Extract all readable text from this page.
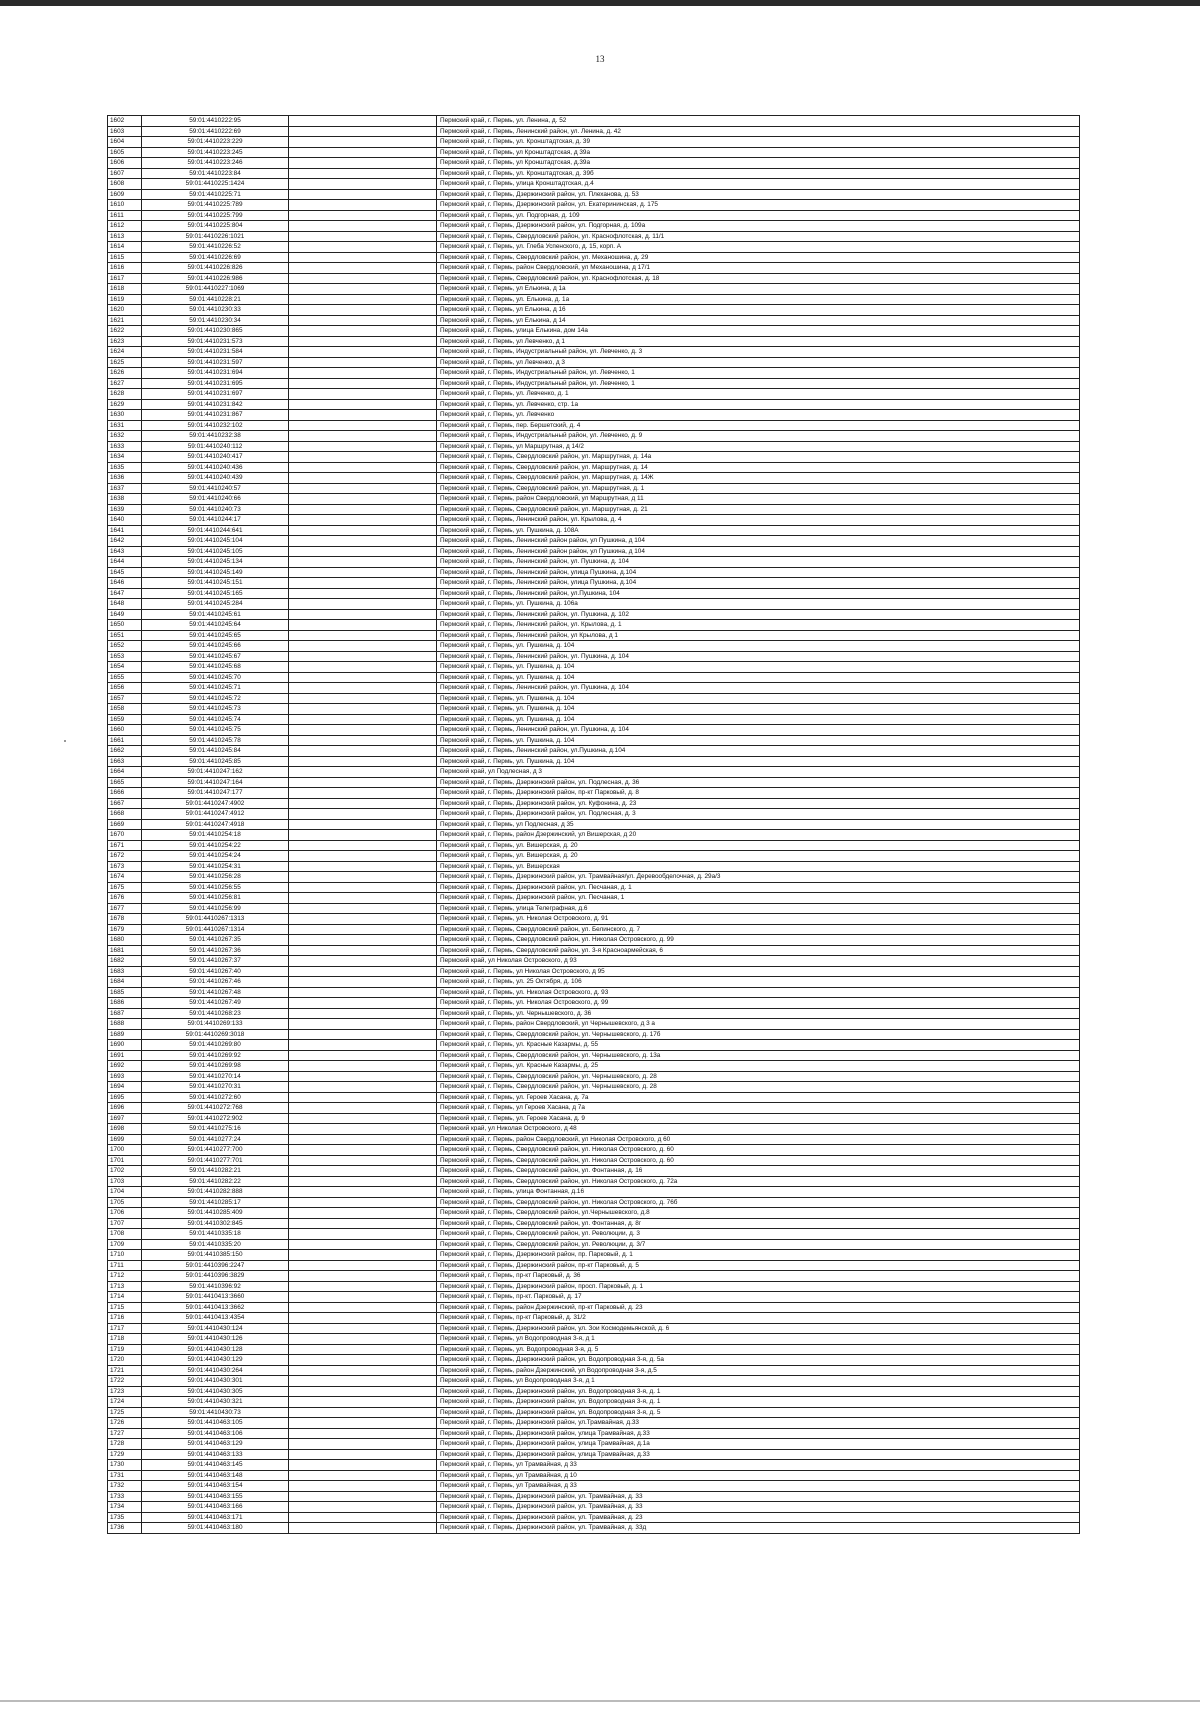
13
1602	59:01:4410222:95		Пермский край, г. Пермь, ул. Ленина, д. 52
1603	59:01:4410222:69		Пермский край, г. Пермь, Ленинский район, ул. Ленина, д. 42
1604	59:01:4410223:229		Пермский край, г. Пермь, ул. Кронштадтская, д. 39
1605	59:01:4410223:245		Пермский край, г. Пермь, ул Кронштадтская, д 39а
1606	59:01:4410223:246		Пермский край, г. Пермь, ул Кронштадтская, д.39а
1607	59:01:4410223:84		Пермский край, г. Пермь, ул. Кронштадтская, д. 39б
1608	59:01:4410225:1424		Пермский край, г. Пермь, улица Кронштадтская, д.4
1609	59:01:4410225:71		Пермский край, г. Пермь, Дзержинский район, ул. Плеханова, д. 53
1610	59:01:4410225:789		Пермский край, г. Пермь, Дзержинский район, ул. Екатерининская, д. 175
1611	59:01:4410225:799		Пермский край, г. Пермь, ул. Подгорная, д. 109
1612	59:01:4410225:804		Пермский край, г. Пермь, Дзержинский район, ул. Подгорная, д. 109а
1613	59:01:4410226:1021		Пермский край, г. Пермь, Свердловский район, ул. Краснофлотская, д. 11/1
1614	59:01:4410226:52		Пермский край, г. Пермь, ул. Глеба Успенского, д. 15, корп. А
1615	59:01:4410226:69		Пермский край, г. Пермь, Свердловский район, ул. Механошина, д. 29
1616	59:01:4410226:826		Пермский край, г. Пермь, район Свердловский, ул Механошина, д 17/1
1617	59:01:4410226:986		Пермский край, г. Пермь, Свердловский район, ул. Краснофлотская, д. 18
1618	59:01:4410227:1069		Пермский край, г. Пермь, ул Елькина, д 1а
1619	59:01:4410228:21		Пермский край, г. Пермь, ул. Елькина, д. 1а
1620	59:01:4410230:33		Пермский край, г. Пермь, ул Елькина, д 16
1621	59:01:4410230:34		Пермский край, г. Пермь, ул Елькина, д 14
1622	59:01:4410230:865		Пермский край, г. Пермь, улица Елькина, дом 14а
1623	59:01:4410231:573		Пермский край, г. Пермь, ул Левченко, д 1
1624	59:01:4410231:584		Пермский край, г. Пермь, Индустриальный район, ул. Левченко, д. 3
1625	59:01:4410231:597		Пермский край, г. Пермь, ул Левченко, д 3
1626	59:01:4410231:694		Пермский край, г. Пермь, Индустриальный район, ул. Левченко, 1
1627	59:01:4410231:695		Пермский край, г. Пермь, Индустриальный район, ул. Левченко, 1
1628	59:01:4410231:697		Пермский край, г. Пермь, ул. Левченко, д. 1
1629	59:01:4410231:842		Пермский край, г. Пермь, ул. Левченко, стр. 1а
1630	59:01:4410231:867		Пермский край, г. Пермь, ул. Левченко
1631	59:01:4410232:102		Пермский край, г. Пермь, пер. Бершетский, д. 4
1632	59:01:4410232:38		Пермский край, г. Пермь, Индустриальный район, ул. Левченко, д. 9
1633	59:01:4410240:112		Пермский край, г. Пермь, ул Маршрутная, д 14/2
1634	59:01:4410240:417		Пермский край, г. Пермь, Свердловский район, ул. Маршрутная, д. 14а
1635	59:01:4410240:436		Пермский край, г. Пермь, Свердловский район, ул. Маршрутная, д. 14
1636	59:01:4410240:439		Пермский край, г. Пермь, Свердловский район, ул. Маршрутная, д. 14Ж
1637	59:01:4410240:57		Пермский край, г. Пермь, Свердловский район, ул. Маршрутная, д. 1
1638	59:01:4410240:66		Пермский край, г. Пермь, район Свердловский, ул Маршрутная, д 11
1639	59:01:4410240:73		Пермский край, г. Пермь, Свердловский район, ул. Маршрутная, д. 21
1640	59:01:4410244:17		Пермский край, г. Пермь, Ленинский район, ул. Крылова, д. 4
1641	59:01:4410244:641		Пермский край, г. Пермь, ул. Пушкина, д. 108А
1642	59:01:4410245:104		Пермский край, г. Пермь, Ленинский район район, ул Пушкина, д 104
1643	59:01:4410245:105		Пермский край, г. Пермь, Ленинский район район, ул Пушкина, д 104
1644	59:01:4410245:134		Пермский край, г. Пермь, Ленинский район, ул. Пушкина, д. 104
1645	59:01:4410245:149		Пермский край, г. Пермь, Ленинский район, улица Пушкина, д.104
1646	59:01:4410245:151		Пермский край, г. Пермь, Ленинский район, улица Пушкина, д.104
1647	59:01:4410245:165		Пермский край, г. Пермь, Ленинский район, ул.Пушкина, 104
1648	59:01:4410245:284		Пермский край, г. Пермь, ул. Пушкина, д. 106а
1649	59:01:4410245:61		Пермский край, г. Пермь, Ленинский район, ул. Пушкина, д. 102
1650	59:01:4410245:64		Пермский край, г. Пермь, Ленинский район, ул. Крылова, д. 1
1651	59:01:4410245:65		Пермский край, г. Пермь, Ленинский район, ул Крылова, д 1
1652	59:01:4410245:66		Пермский край, г. Пермь, ул. Пушкина, д. 104
1653	59:01:4410245:67		Пермский край, г. Пермь, Ленинский район, ул. Пушкина, д. 104
1654	59:01:4410245:68		Пермский край, г. Пермь, ул. Пушкина, д. 104
1655	59:01:4410245:70		Пермский край, г. Пермь, ул. Пушкина, д. 104
1656	59:01:4410245:71		Пермский край, г. Пермь, Ленинский район, ул. Пушкина, д. 104
1657	59:01:4410245:72		Пермский край, г. Пермь, ул. Пушкина, д. 104
1658	59:01:4410245:73		Пермский край, г. Пермь, ул. Пушкина, д. 104
1659	59:01:4410245:74		Пермский край, г. Пермь, ул. Пушкина, д. 104
1660	59:01:4410245:75		Пермский край, г. Пермь, Ленинский район, ул. Пушкина, д. 104
1661	59:01:4410245:78		Пермский край, г. Пермь, ул. Пушкина, д. 104
1662	59:01:4410245:84		Пермский край, г. Пермь, Ленинский район, ул.Пушкина, д.104
1663	59:01:4410245:85		Пермский край, г. Пермь, ул. Пушкина, д. 104
1664	59:01:4410247:162		Пермский край, ул Подлесная, д 3
1665	59:01:4410247:164		Пермский край, г. Пермь, Дзержинский район, ул. Подлесная, д. 36
1666	59:01:4410247:177		Пермский край, г. Пермь, Дзержинский район, пр-кт Парковый, д. 8
1667	59:01:4410247:4902		Пермский край, г. Пермь, Дзержинский район, ул. Куфонина, д. 23
1668	59:01:4410247:4912		Пермский край, г. Пермь, Дзержинский район, ул. Подлесная, д. 3
1669	59:01:4410247:4918		Пермский край, г. Пермь, ул Подлесная, д 35
1670	59:01:4410254:18		Пермский край, г. Пермь, район Дзержинский, ул Вишерская, д 20
1671	59:01:4410254:22		Пермский край, г. Пермь, ул. Вишерская, д. 20
1672	59:01:4410254:24		Пермский край, г. Пермь, ул. Вишерская, д. 20
1673	59:01:4410254:31		Пермский край, г. Пермь, ул. Вишерская
1674	59:01:4410256:28		Пермский край, г. Пермь, Дзержинский район, ул. Трамвайная/ул. Деревообделочная, д. 29а/3
1675	59:01:4410256:55		Пермский край, г. Пермь, Дзержинский район, ул. Песчаная, д. 1
1676	59:01:4410256:81		Пермский край, г. Пермь, Дзержинский район, ул. Песчаная, 1
1677	59:01:4410256:99		Пермский край, г. Пермь, улица Телеграфная, д.6
1678	59:01:4410267:1313		Пермский край, г. Пермь, ул. Николая Островского, д. 91
1679	59:01:4410267:1314		Пермский край, г. Пермь, Свердловский район, ул. Белинского, д. 7
1680	59:01:4410267:35		Пермский край, г. Пермь, Свердловский район, ул. Николая Островского, д. 99
1681	59:01:4410267:36		Пермский край, г. Пермь, Свердловский район, ул. 3-я Красноармейская, 6
1682	59:01:4410267:37		Пермский край, ул Николая Островского, д 93
1683	59:01:4410267:40		Пермский край, г. Пермь, ул Николая Островского, д 95
1684	59:01:4410267:46		Пермский край, г. Пермь, ул. 25 Октября, д. 106
1685	59:01:4410267:48		Пермский край, г. Пермь, ул. Николая Островского, д. 93
1686	59:01:4410267:49		Пермский край, г. Пермь, ул. Николая Островского, д. 99
1687	59:01:4410268:23		Пермский край, г. Пермь, ул. Чернышевского, д. 36
1688	59:01:4410269:133		Пермский край, г. Пермь, район Свердловский, ул Чернышевского, д 3 а
1689	59:01:4410269:3018		Пермский край, г. Пермь, Свердловский район, ул. Чернышевского, д. 17б
1690	59:01:4410269:80		Пермский край, г. Пермь, ул. Красные Казармы, д. 55
1691	59:01:4410269:92		Пермский край, г. Пермь, Свердловский район, ул. Чернышевского, д. 13а
1692	59:01:4410269:98		Пермский край, г. Пермь, ул. Красные Казармы, д. 25
1693	59:01:4410270:14		Пермский край, г. Пермь, Свердловский район, ул. Чернышевского, д. 28
1694	59:01:4410270:31		Пермский край, г. Пермь, Свердловский район, ул. Чернышевского, д. 28
1695	59:01:4410272:60		Пермский край, г. Пермь, ул. Героев Хасана, д. 7а
1696	59:01:4410272:768		Пермский край, г. Пермь, ул Героев Хасана, д 7а
1697	59:01:4410272:902		Пермский край, г. Пермь, ул. Героев Хасана, д. 9
1698	59:01:4410275:16		Пермский край, ул Николая Островского, д 48
1699	59:01:4410277:24		Пермский край, г. Пермь, район Свердловский, ул Николая Островского, д 60
1700	59:01:4410277:700		Пермский край, г. Пермь, Свердловский район, ул. Николая Островского, д. 60
1701	59:01:4410277:701		Пермский край, г. Пермь, Свердловский район, ул. Николая Островского, д. 60
1702	59:01:4410282:21		Пермский край, г. Пермь, Свердловский район, ул. Фонтанная, д. 16
1703	59:01:4410282:22		Пермский край, г. Пермь, Свердловский район, ул. Николая Островского, д. 72а
1704	59:01:4410282:888		Пермский край, г. Пермь, улица Фонтанная, д.16
1705	59:01:4410285:17		Пермский край, г. Пермь, Свердловский район, ул. Николая Островского, д. 76б
1706	59:01:4410285:409		Пермский край, г. Пермь, Свердловский район, ул.Чернышевского, д.8
1707	59:01:4410302:845		Пермский край, г. Пермь, Свердловский район, ул. Фонтанная, д. 8г
1708	59:01:4410335:18		Пермский край, г. Пермь, Свердловский район, ул. Революции, д. 3
1709	59:01:4410335:20		Пермский край, г. Пермь, Свердловский район, ул. Революции, д. 3/7
1710	59:01:4410385:150		Пермский край, г. Пермь, Дзержинский район, пр. Парковый, д. 1
1711	59:01:4410396:2247		Пермский край, г. Пермь, Дзержинский район, пр-кт Парковый, д. 5
1712	59:01:4410396:3829		Пермский край, г. Пермь, пр-кт Парковый, д. 36
1713	59:01:4410396:92		Пермский край, г. Пермь, Дзержинский район, просп. Парковый, д. 1
1714	59:01:4410413:3660		Пермский край, г. Пермь, пр-кт. Парковый, д. 17
1715	59:01:4410413:3662		Пермский край, г. Пермь, район Дзержинский, пр-кт Парковый, д. 23
1716	59:01:4410413:4354		Пермский край, г. Пермь, пр-кт Парковый, д. 31/2
1717	59:01:4410430:124		Пермский край, г. Пермь, Дзержинский район, ул. Зои Космодемьянской, д. 6
1718	59:01:4410430:126		Пермский край, г. Пермь, ул Водопроводная 3-я, д 1
1719	59:01:4410430:128		Пермский край, г. Пермь, ул. Водопроводная 3-я, д. 5
1720	59:01:4410430:129		Пермский край, г. Пермь, Дзержинский район, ул. Водопроводная 3-я, д. 5а
1721	59:01:4410430:264		Пермский край, г. Пермь, район Дзержинский, ул Водопроводная 3-я, д.5
1722	59:01:4410430:301		Пермский край, г. Пермь, ул Водопроводная 3-я, д 1
1723	59:01:4410430:305		Пермский край, г. Пермь, Дзержинский район, ул. Водопроводная 3-я, д. 1
1724	59:01:4410430:321		Пермский край, г. Пермь, Дзержинский район, ул. Водопроводная 3-я, д. 1
1725	59:01:4410430:73		Пермский край, г. Пермь, Дзержинский район, ул. Водопроводная 3-я, д. 5
1726	59:01:4410463:105		Пермский край, г. Пермь, Дзержинский район, ул.Трамвайная, д.33
1727	59:01:4410463:106		Пермский край, г. Пермь, Дзержинский район, улица Трамвайная, д.33
1728	59:01:4410463:129		Пермский край, г. Пермь, Дзержинский район, улица Трамвайная, д.1а
1729	59:01:4410463:133		Пермский край, г. Пермь, Дзержинский район, улица Трамвайная, д.33
1730	59:01:4410463:145		Пермский край, г. Пермь, ул Трамвайная, д 33
1731	59:01:4410463:148		Пермский край, г. Пермь, ул Трамвайная, д 10
1732	59:01:4410463:154		Пермский край, г. Пермь, ул Трамвайная, д 33
1733	59:01:4410463:155		Пермский край, г. Пермь, Дзержинский район, ул. Трамвайная, д. 33
1734	59:01:4410463:166		Пермский край, г. Пермь, Дзержинский район, ул. Трамвайная, д. 33
1735	59:01:4410463:171		Пермский край, г. Пермь, Дзержинский район, ул. Трамвайная, д. 23
1736	59:01:4410463:180		Пермский край, г. Пермь, Дзержинский район, ул. Трамвайная, д. 33д
